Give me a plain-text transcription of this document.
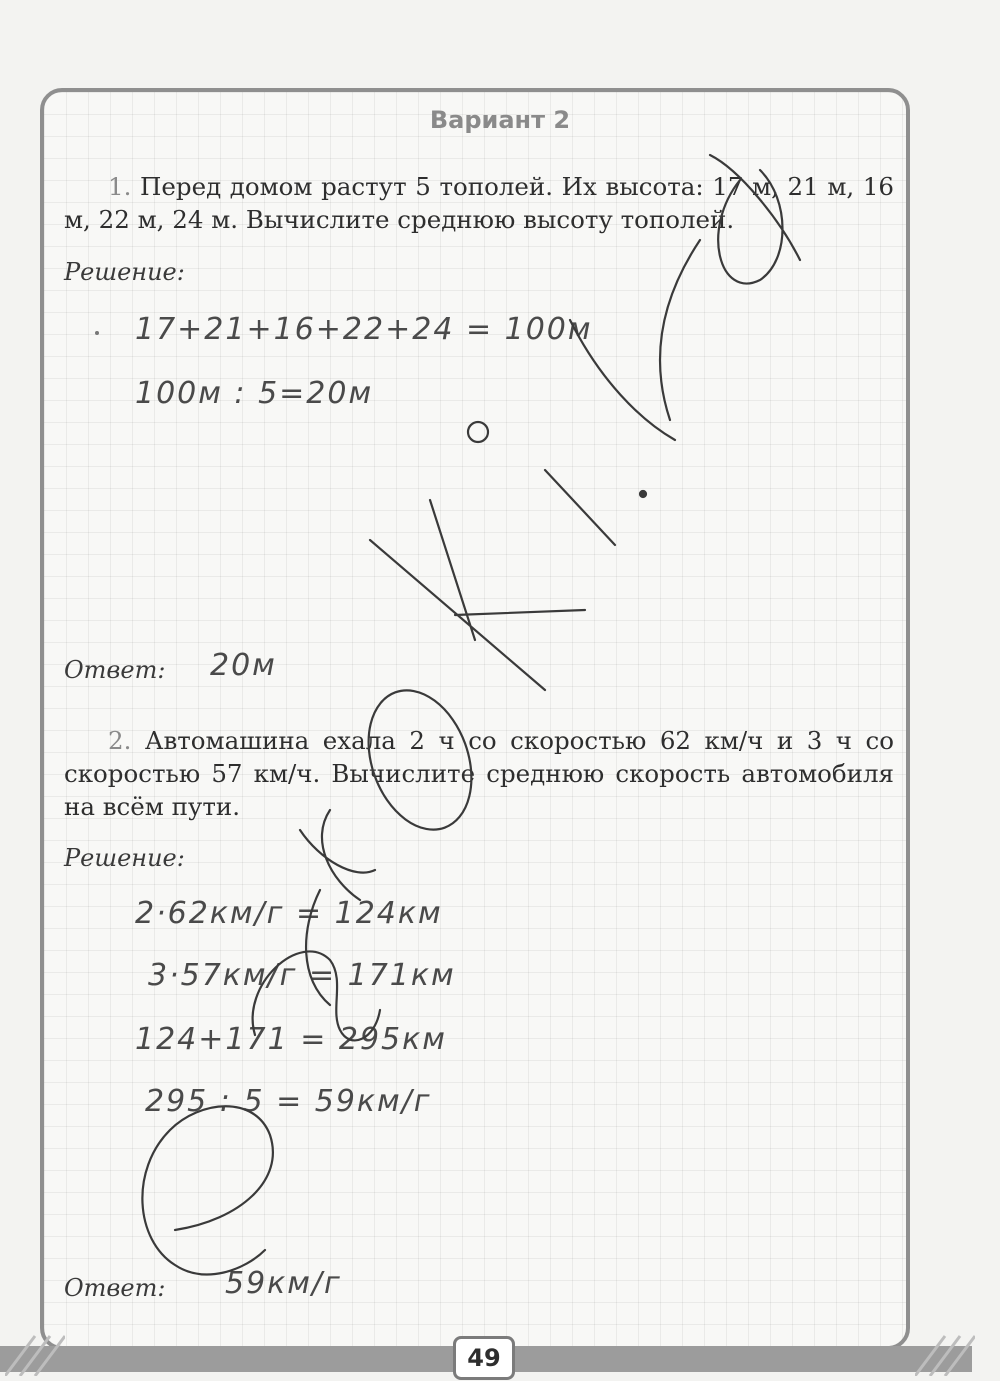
Вариант 2
1. Перед домом растут 5 тополей. Их высота: 17 м, 21 м, 16 м, 22 м, 24 м. Вычислите среднюю высоту тополей.
Решение:
17+21+16+22+24 = 100м
100м : 5=20м
Ответ: 20м
2. Автомашина ехала 2 ч со скоростью 62 км/ч и 3 ч со скоростью 57 км/ч. Вычислите среднюю скорость автомобиля на всём пути.
Решение:
2·62км/г = 124км
3·57км/г = 171км
124+171 = 295км
295 : 5 = 59км/г
Ответ: 59км/г
49
